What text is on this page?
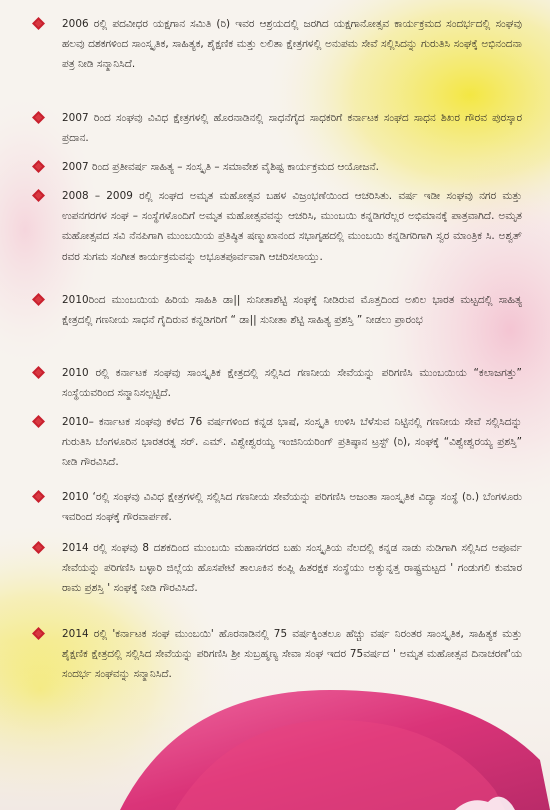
2006 ರಲ್ಲಿ ಪದವೀಧರ ಯಕ್ಷಗಾನ ಸಮಿತಿ (ರಿ) ಇವರ ಆಶ್ರಯದಲ್ಲಿ ಜರಗಿದ ಯಕ್ಷಗಾನೋತ್ಸವ ಕಾರ್ಯಕ್ರಮದ ಸಂದರ್ಭದಲ್ಲಿ ಸಂಘವು ಹಲವು ದಶಕಗಳಿಂದ ಸಾಂಸ್ಕೃತಿಕ, ಸಾಹಿತ್ಯಕ, ಶೈಕ್ಷಣಿಕ ಮತ್ತು ಲಲಿತಾ ಕ್ಷೇತ್ರಗಳಲ್ಲಿ ಅನುಪಮ ಸೇವೆ ಸಲ್ಲಿಸಿದನ್ನು ಗುರುತಿಸಿ ಸಂಘಕ್ಕೆ ಅಭಿನಂದನಾ ಪತ್ರ ನೀಡಿ ಸನ್ಮಾನಿಸಿದೆ.

2007 ರಿಂದ ಸಂಘವು ವಿವಿಧ ಕ್ಷೇತ್ರಗಳಲ್ಲಿ ಹೊರನಾಡಿನಲ್ಲಿ ಸಾಧನೆಗೈದ ಸಾಧಕರಿಗೆ ಕರ್ನಾಟಕ ಸಂಘದ ಸಾಧನ ಶಿಖರ ಗೌರವ ಪುರಸ್ಕಾರ ಪ್ರದಾನ.

2007 ರಿಂದ ಪ್ರತೀವರ್ಷ ಸಾಹಿತ್ಯ – ಸಂಸ್ಕೃತಿ – ಸಮಾವೇಶ ವೈಶಿಷ್ಟ ಕಾರ್ಯಕ್ರಮದ ಆಯೋಜನೆ.

2008 – 2009 ರಲ್ಲಿ ಸಂಘದ ಅಮೃತ ಮಹೋತ್ಸವ ಬಹಳ ವಿಜ್ರಂಭಣೆಯಿಂದ ಆಚರಿಸಿತು. ವರ್ಷ ಇಡೀ ಸಂಘವು ನಗರ ಮತ್ತು ಉಪನಗರಗಳ ಸಂಘ – ಸಂಸ್ಥೆಗಳೊಂದಿಗೆ ಅಮೃತ ಮಹೋತ್ಸವವನ್ನು ಆಚರಿಸಿ, ಮುಂಬಯಿ ಕನ್ನಡಿಗರೆಲ್ಲರ ಅಭಿಮಾನಕ್ಕೆ ಪಾತ್ರವಾಗಿದೆ. ಅಮೃತ ಮಹೋತ್ಸವದ ಸವಿ ನೆನಪಿಗಾಗಿ ಮುಂಬಯಿಯ ಪ್ರತಿಷ್ಠಿತ ಷಣ್ಮುಖಾನಂದ ಸಭಾಗೃಹದಲ್ಲಿ ಮುಂಬಯಿ ಕನ್ನಡಿಗರಿಗಾಗಿ ಸ್ವರ ಮಾಂತ್ರಿಕ ಸಿ. ಅಶ್ವತ್ ರವರ ಸುಗಮ ಸಂಗೀತ ಕಾರ್ಯಕ್ರಮವನ್ನು ಅಭೂತಪೂರ್ವವಾಗಿ ಆಚರಿಸಲಾಯ್ತು.

2010ರಿಂದ ಮುಂಬಯಿಯ ಹಿರಿಯ ಸಾಹಿತಿ ಡಾ|| ಸುನೀತಾಶೆಟ್ಟಿ ಸಂಘಕ್ಕೆ ನೀಡಿರುವ ಮೊತ್ತದಿಂದ ಅಖಿಲ ಭಾರತ ಮಟ್ಟದಲ್ಲಿ ಸಾಹಿತ್ಯ ಕ್ಷೇತ್ರದಲ್ಲಿ ಗಣನೀಯ ಸಾಧನೆ ಗೈದಿರುವ ಕನ್ನಡಿಗರಿಗೆ “ ಡಾ|| ಸುನೀತಾ ಶೆಟ್ಟಿ ಸಾಹಿತ್ಯ ಪ್ರಶಸ್ತಿ ” ನೀಡಲು ಪ್ರಾರಂಭ

2010 ರಲ್ಲಿ ಕರ್ನಾಟಕ ಸಂಘವು ಸಾಂಸ್ಕೃತಿಕ ಕ್ಷೇತ್ರದಲ್ಲಿ ಸಲ್ಲಿಸಿದ ಗಣನೀಯ ಸೇವೆಯನ್ನು ಪರಿಗಣಿಸಿ ಮುಂಬಯಿಯ “ಕಲಾಜಗತ್ತು” ಸಂಸ್ಥೆಯವರಿಂದ ಸನ್ಮಾನಿಸಲ್ಪಟ್ಟಿದೆ.

2010– ಕರ್ನಾಟಕ ಸಂಘವು ಕಳೆದ 76 ವರ್ಷಗಳಿಂದ ಕನ್ನಡ ಭಾಷೆ, ಸಂಸ್ಕೃತಿ ಉಳಿಸಿ ಬೆಳೆಸುವ ನಿಟ್ಟಿನಲ್ಲಿ ಗಣನೀಯ ಸೇವೆ ಸಲ್ಲಿಸಿದನ್ನು ಗುರುತಿಸಿ ಬೆಂಗಳೂರಿನ ಭಾರತರತ್ನ ಸರ್. ಎಮ್. ವಿಶ್ವೇಶ್ವರಯ್ಯ ಇಂಜಿನಿಯರಿಂಗ್ ಪ್ರತಿಷ್ಠಾನ ಟ್ರಸ್ಟ್ (ರಿ), ಸಂಘಕ್ಕೆ “ವಿಶ್ವೇಶ್ವರಯ್ಯ ಪ್ರಶಸ್ತಿ” ನೀಡಿ ಗೌರವಿಸಿದೆ.

2010 ‘ರಲ್ಲಿ ಸಂಘವು ವಿವಿಧ ಕ್ಷೇತ್ರಗಳಲ್ಲಿ ಸಲ್ಲಿಸಿದ ಗಣನೀಯ ಸೇವೆಯನ್ನು ಪರಿಗಣಿಸಿ ಅಜಂತಾ ಸಾಂಸ್ಕೃತಿಕ ವಿದ್ಯಾ ಸಂಸ್ಥೆ (ರಿ.) ಬೆಂಗಳೂರು ಇವರಿಂದ ಸಂಘಕ್ಕೆ ಗೌರವಾರ್ಪಣೆ.

2014 ರಲ್ಲಿ ಸಂಘವು 8 ದಶಕದಿಂದ ಮುಂಬಯಿ ಮಹಾನಗರದ ಬಹು ಸಂಸ್ಕೃತಿಯ ನೆಲದಲ್ಲಿ ಕನ್ನಡ ನಾಡು ನುಡಿಗಾಗಿ ಸಲ್ಲಿಸಿದ ಅಪೂರ್ವ ಸೇವೆಯನ್ನು ಪರಿಗಣಿಸಿ ಬಳ್ಳಾರಿ ಜಿಲ್ಲೆಯ ಹೊಸಪೇಟೆ ತಾಲೂಕಿನ ಕಂಪ್ಲಿ ಹಿತರಕ್ಷಕ ಸಂಸ್ಥೆಯು ಅತ್ಯುನ್ನತ್ತ ರಾಷ್ಟ್ರಮಟ್ಟದ ' ಗಂಡುಗಲಿ ಕುಮಾರ ರಾಮ ಪ್ರಶಸ್ತಿ ' ಸಂಘಕ್ಕೆ ನೀಡಿ ಗೌರವಿಸಿದೆ.

2014 ರಲ್ಲಿ 'ಕರ್ನಾಟಕ ಸಂಘ ಮುಂಬಯಿ' ಹೊರನಾಡಿನಲ್ಲಿ 75 ವರ್ಷಕ್ಕಿಂತಲೂ ಹೆಚ್ಚು ವರ್ಷ ನಿರಂತರ ಸಾಂಸ್ಕೃತಿಕ, ಸಾಹಿತ್ಯಕ ಮತ್ತು ಶೈಕ್ಷಣಿಕ ಕ್ಷೇತ್ರದಲ್ಲಿ ಸಲ್ಲಿಸಿದ ಸೇವೆಯನ್ನು ಪರಿಗಣಿಸಿ ಶ್ರೀ ಸುಬ್ರಹ್ಮಣ್ಯ ಸೇವಾ ಸಂಘ ಇದರ 75ವರ್ಷದ ' ಅಮೃತ ಮಹೋತ್ಸವ ದಿನಾಚರಣೆ'ಯ ಸಂದರ್ಭ ಸಂಘವನ್ನು ಸನ್ಮಾನಿಸಿದೆ.
